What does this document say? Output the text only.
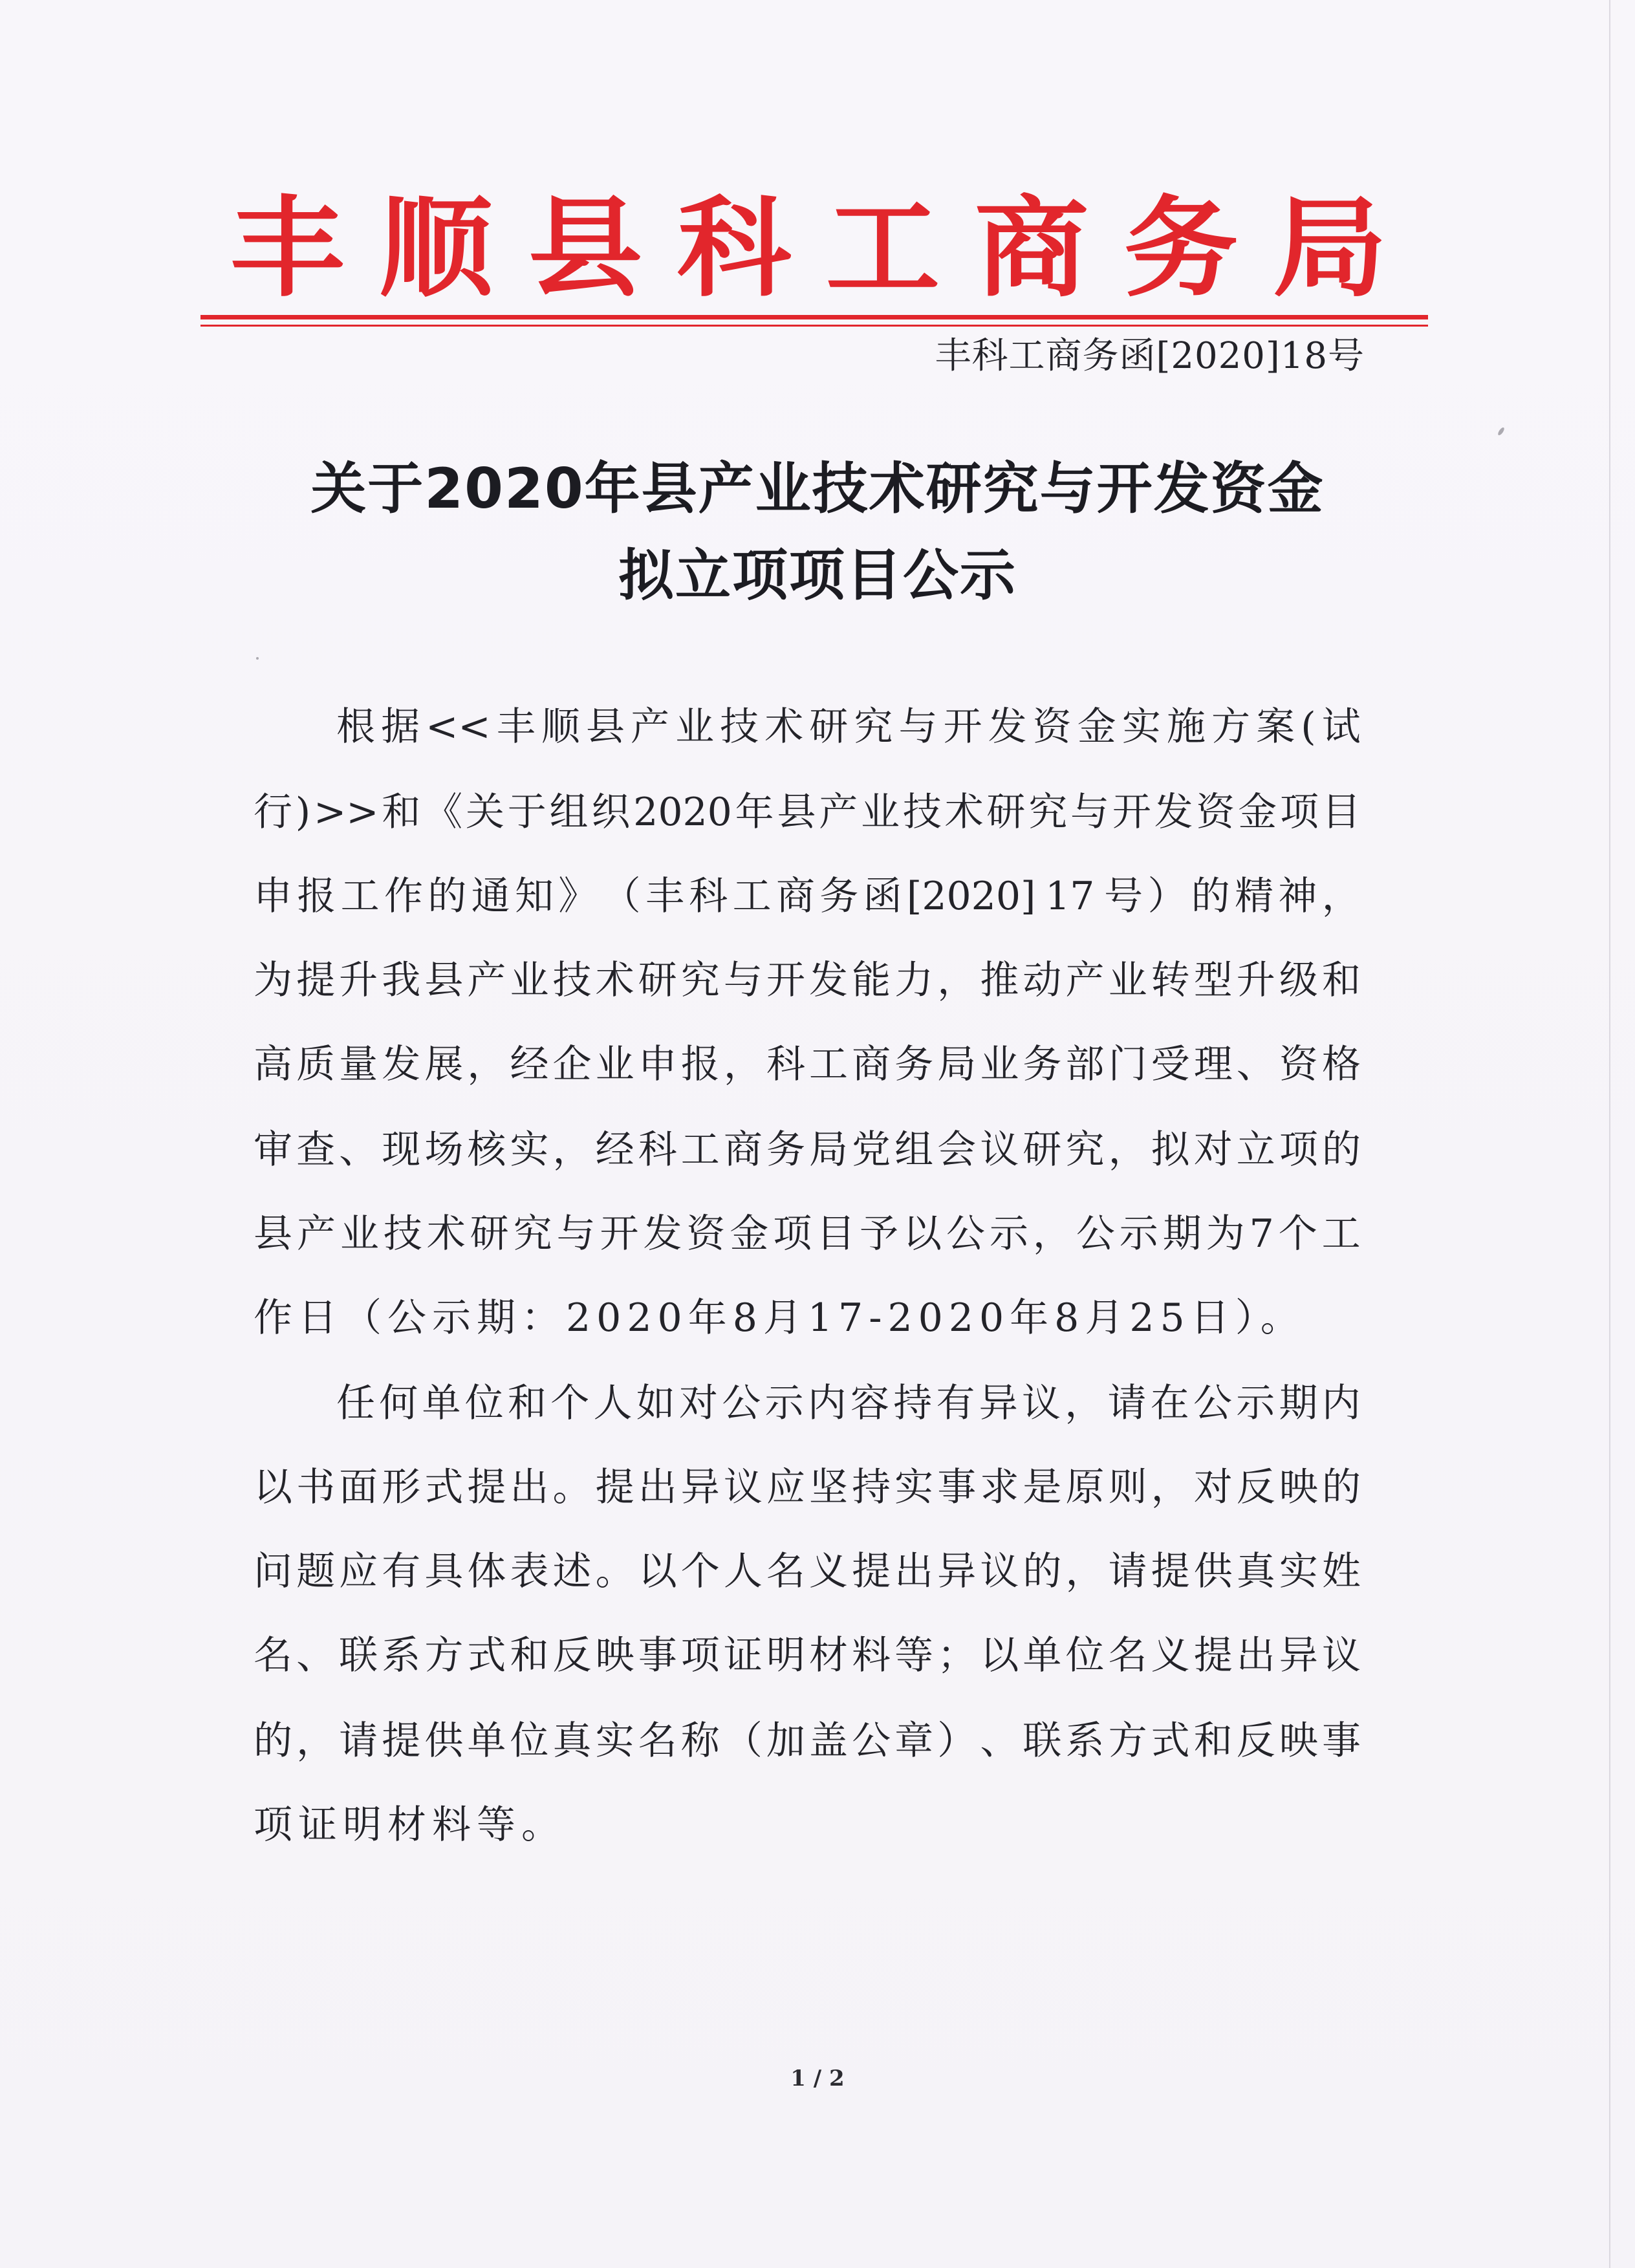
丰 顺 县 科 工 商 务 局
丰科工商务函[2020]18号
关于2020年县产业技术研究与开发资金
拟立项项目公示
根 据 << 丰 顺 县 产 业 技 术 研 究 与 开 发 资 金 实 施 方 案 ( 试
行 ) >> 和 《 关 于 组 织 2020 年 县 产 业 技 术 研 究 与 开 发 资 金 项 目
申 报 工 作 的 通 知 》 （ 丰 科 工 商 务 函 [2020] 17 号 ） 的 精 神 ，
为 提 升 我 县 产 业 技 术 研 究 与 开 发 能 力 ， 推 动 产 业 转 型 升 级 和
高 质 量 发 展 ， 经 企 业 申 报 ， 科 工 商 务 局 业 务 部 门 受 理 、 资 格
审 查 、 现 场 核 实 ， 经 科 工 商 务 局 党 组 会 议 研 究 ， 拟 对 立 项 的
县 产 业 技 术 研 究 与 开 发 资 金 项 目 予 以 公 示 ， 公 示 期 为 7 个 工
作日（公示期：2020年8月17-2020年8月25日）。
任 何 单 位 和 个 人 如 对 公 示 内 容 持 有 异 议 ， 请 在 公 示 期 内
以 书 面 形 式 提 出 。 提 出 异 议 应 坚 持 实 事 求 是 原 则 ， 对 反 映 的
问 题 应 有 具 体 表 述 。 以 个 人 名 义 提 出 异 议 的 ， 请 提 供 真 实 姓
名 、 联 系 方 式 和 反 映 事 项 证 明 材 料 等 ； 以 单 位 名 义 提 出 异 议
的 ， 请 提 供 单 位 真 实 名 称 （ 加 盖 公 章 ） 、 联 系 方 式 和 反 映 事
项证明材料等。
1 / 2
